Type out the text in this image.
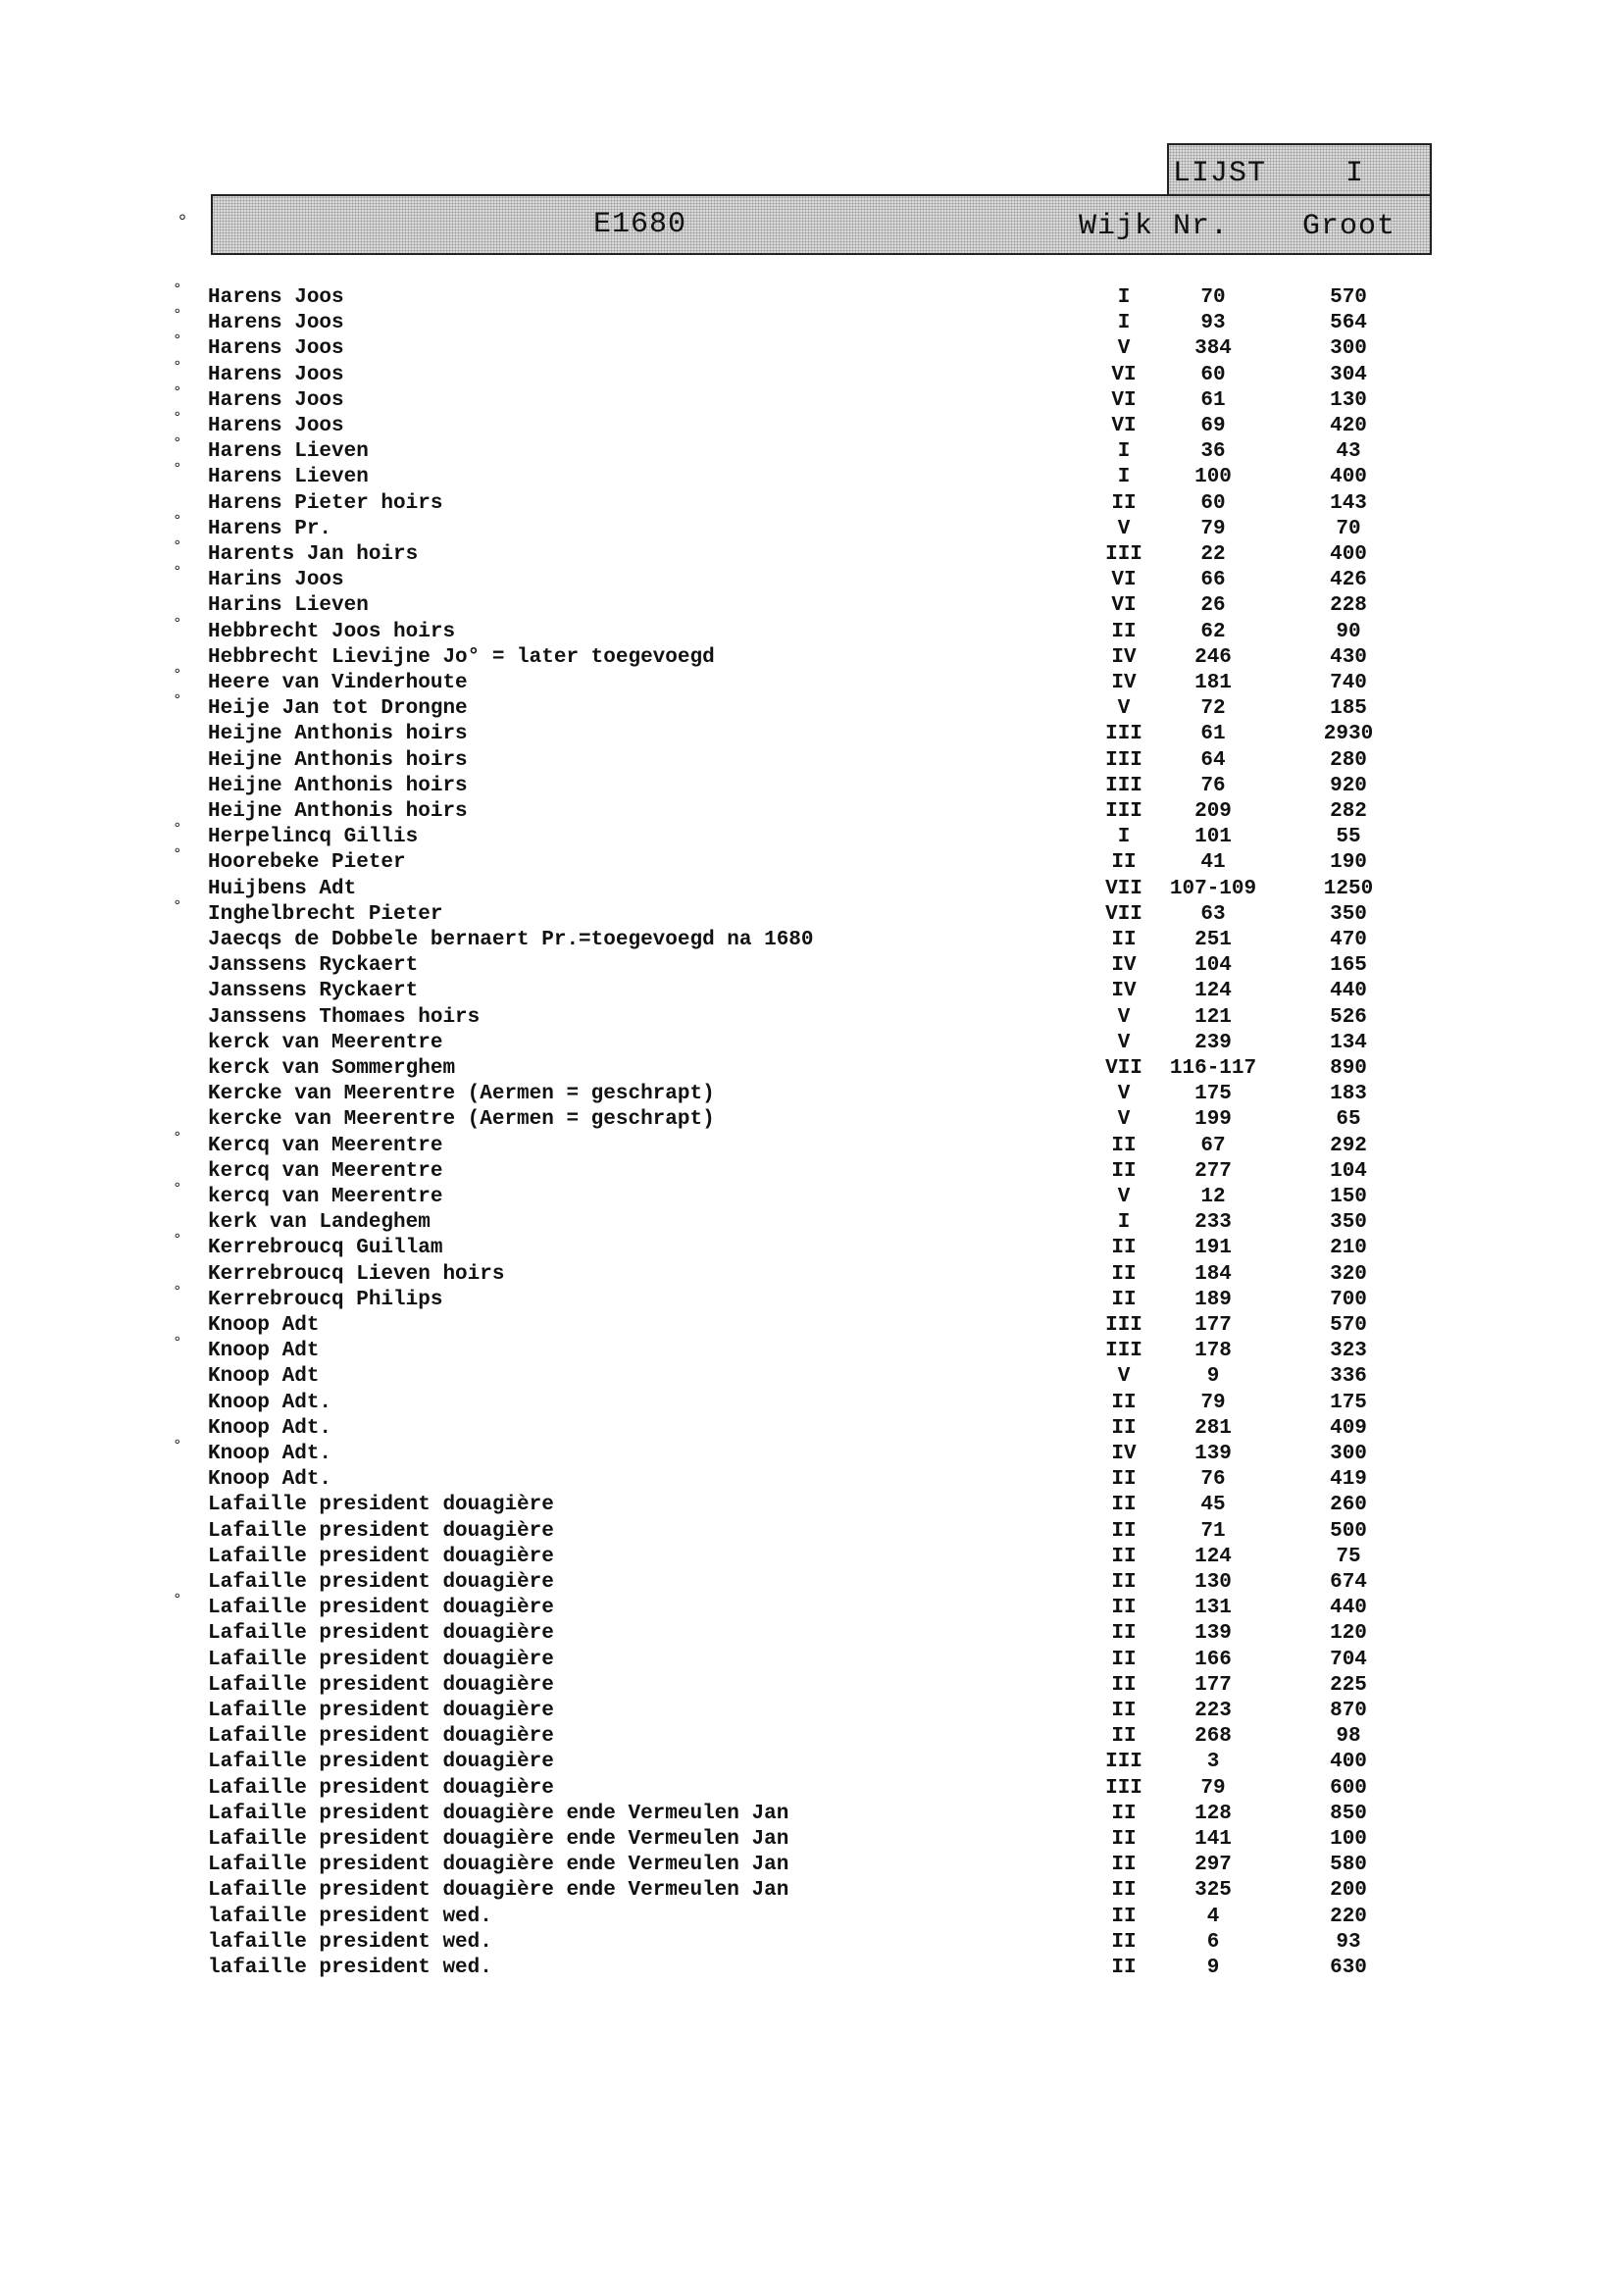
LIJST	I
°	E1680	Wijk Nr. Groot
° Harens Joos	I	70	570
° Harens Joos	I	93	564
° Harens Joos	V	384	300
° Harens Joos	VI	60	304
° Harens Joos	VI	61	130
° Harens Joos	VI	69	420
° Harens Lieven	I	36	43
° Harens Lieven	I	100	400
Harens Pieter hoirs	II	60	143
° Harens Pr.	V	79	70
° Harents Jan hoirs	III	22	400
° Harins Joos	VI	66	426
Harins Lieven	VI	26	228
° Hebbrecht Joos hoirs	II	62	90
Hebbrecht Lievijne Jo° = later toegevoegd	IV	246	430
° Heere van Vinderhoute	IV	181	740
° Heije Jan tot Drongne	V	72	185
Heijne Anthonis hoirs	III	61	2930
Heijne Anthonis hoirs	III	64	280
Heijne Anthonis hoirs	III	76	920
Heijne Anthonis hoirs	III	209	282
° Herpelincq Gillis	I	101	55
° Hoorebeke Pieter	II	41	190
Huijbens Adt	VII	107-109	1250
° Inghelbrecht Pieter	VII	63	350
Jaecqs de Dobbele bernaert Pr.=toegevoegd na 1680	II	251	470
Janssens Ryckaert	IV	104	165
Janssens Ryckaert	IV	124	440
Janssens Thomaes hoirs	V	121	526
kerck van Meerentre	V	239	134
kerck van Sommerghem	VII	116-117	890
Kercke van Meerentre (Aermen = geschrapt)	V	175	183
kercke van Meerentre (Aermen = geschrapt)	V	199	65
° Kercq van Meerentre	II	67	292
kercq van Meerentre	II	277	104
° kercq van Meerentre	V	12	150
kerk van Landeghem	I	233	350
° Kerrebroucq Guillam	II	191	210
Kerrebroucq Lieven hoirs	II	184	320
° Kerrebroucq Philips	II	189	700
Knoop Adt	III	177	570
° Knoop Adt	III	178	323
Knoop Adt	V	9	336
Knoop Adt.	II	79	175
Knoop Adt.	II	281	409
° Knoop Adt.	IV	139	300
Knoop Adt.	II	76	419
Lafaille president douagière	II	45	260
Lafaille president douagière	II	71	500
Lafaille president douagière	II	124	75
Lafaille president douagière	II	130	674
° Lafaille president douagière	II	131	440
Lafaille president douagière	II	139	120
Lafaille president douagière	II	166	704
Lafaille president douagière	II	177	225
Lafaille president douagière	II	223	870
Lafaille president douagière	II	268	98
Lafaille president douagière	III	3	400
Lafaille president douagière	III	79	600
Lafaille president douagière ende Vermeulen Jan	II	128	850
Lafaille president douagière ende Vermeulen Jan	II	141	100
Lafaille president douagière ende Vermeulen Jan	II	297	580
Lafaille president douagière ende Vermeulen Jan	II	325	200
lafaille president wed.	II	4	220
lafaille president wed.	II	6	93
lafaille president wed.	II	9	630
